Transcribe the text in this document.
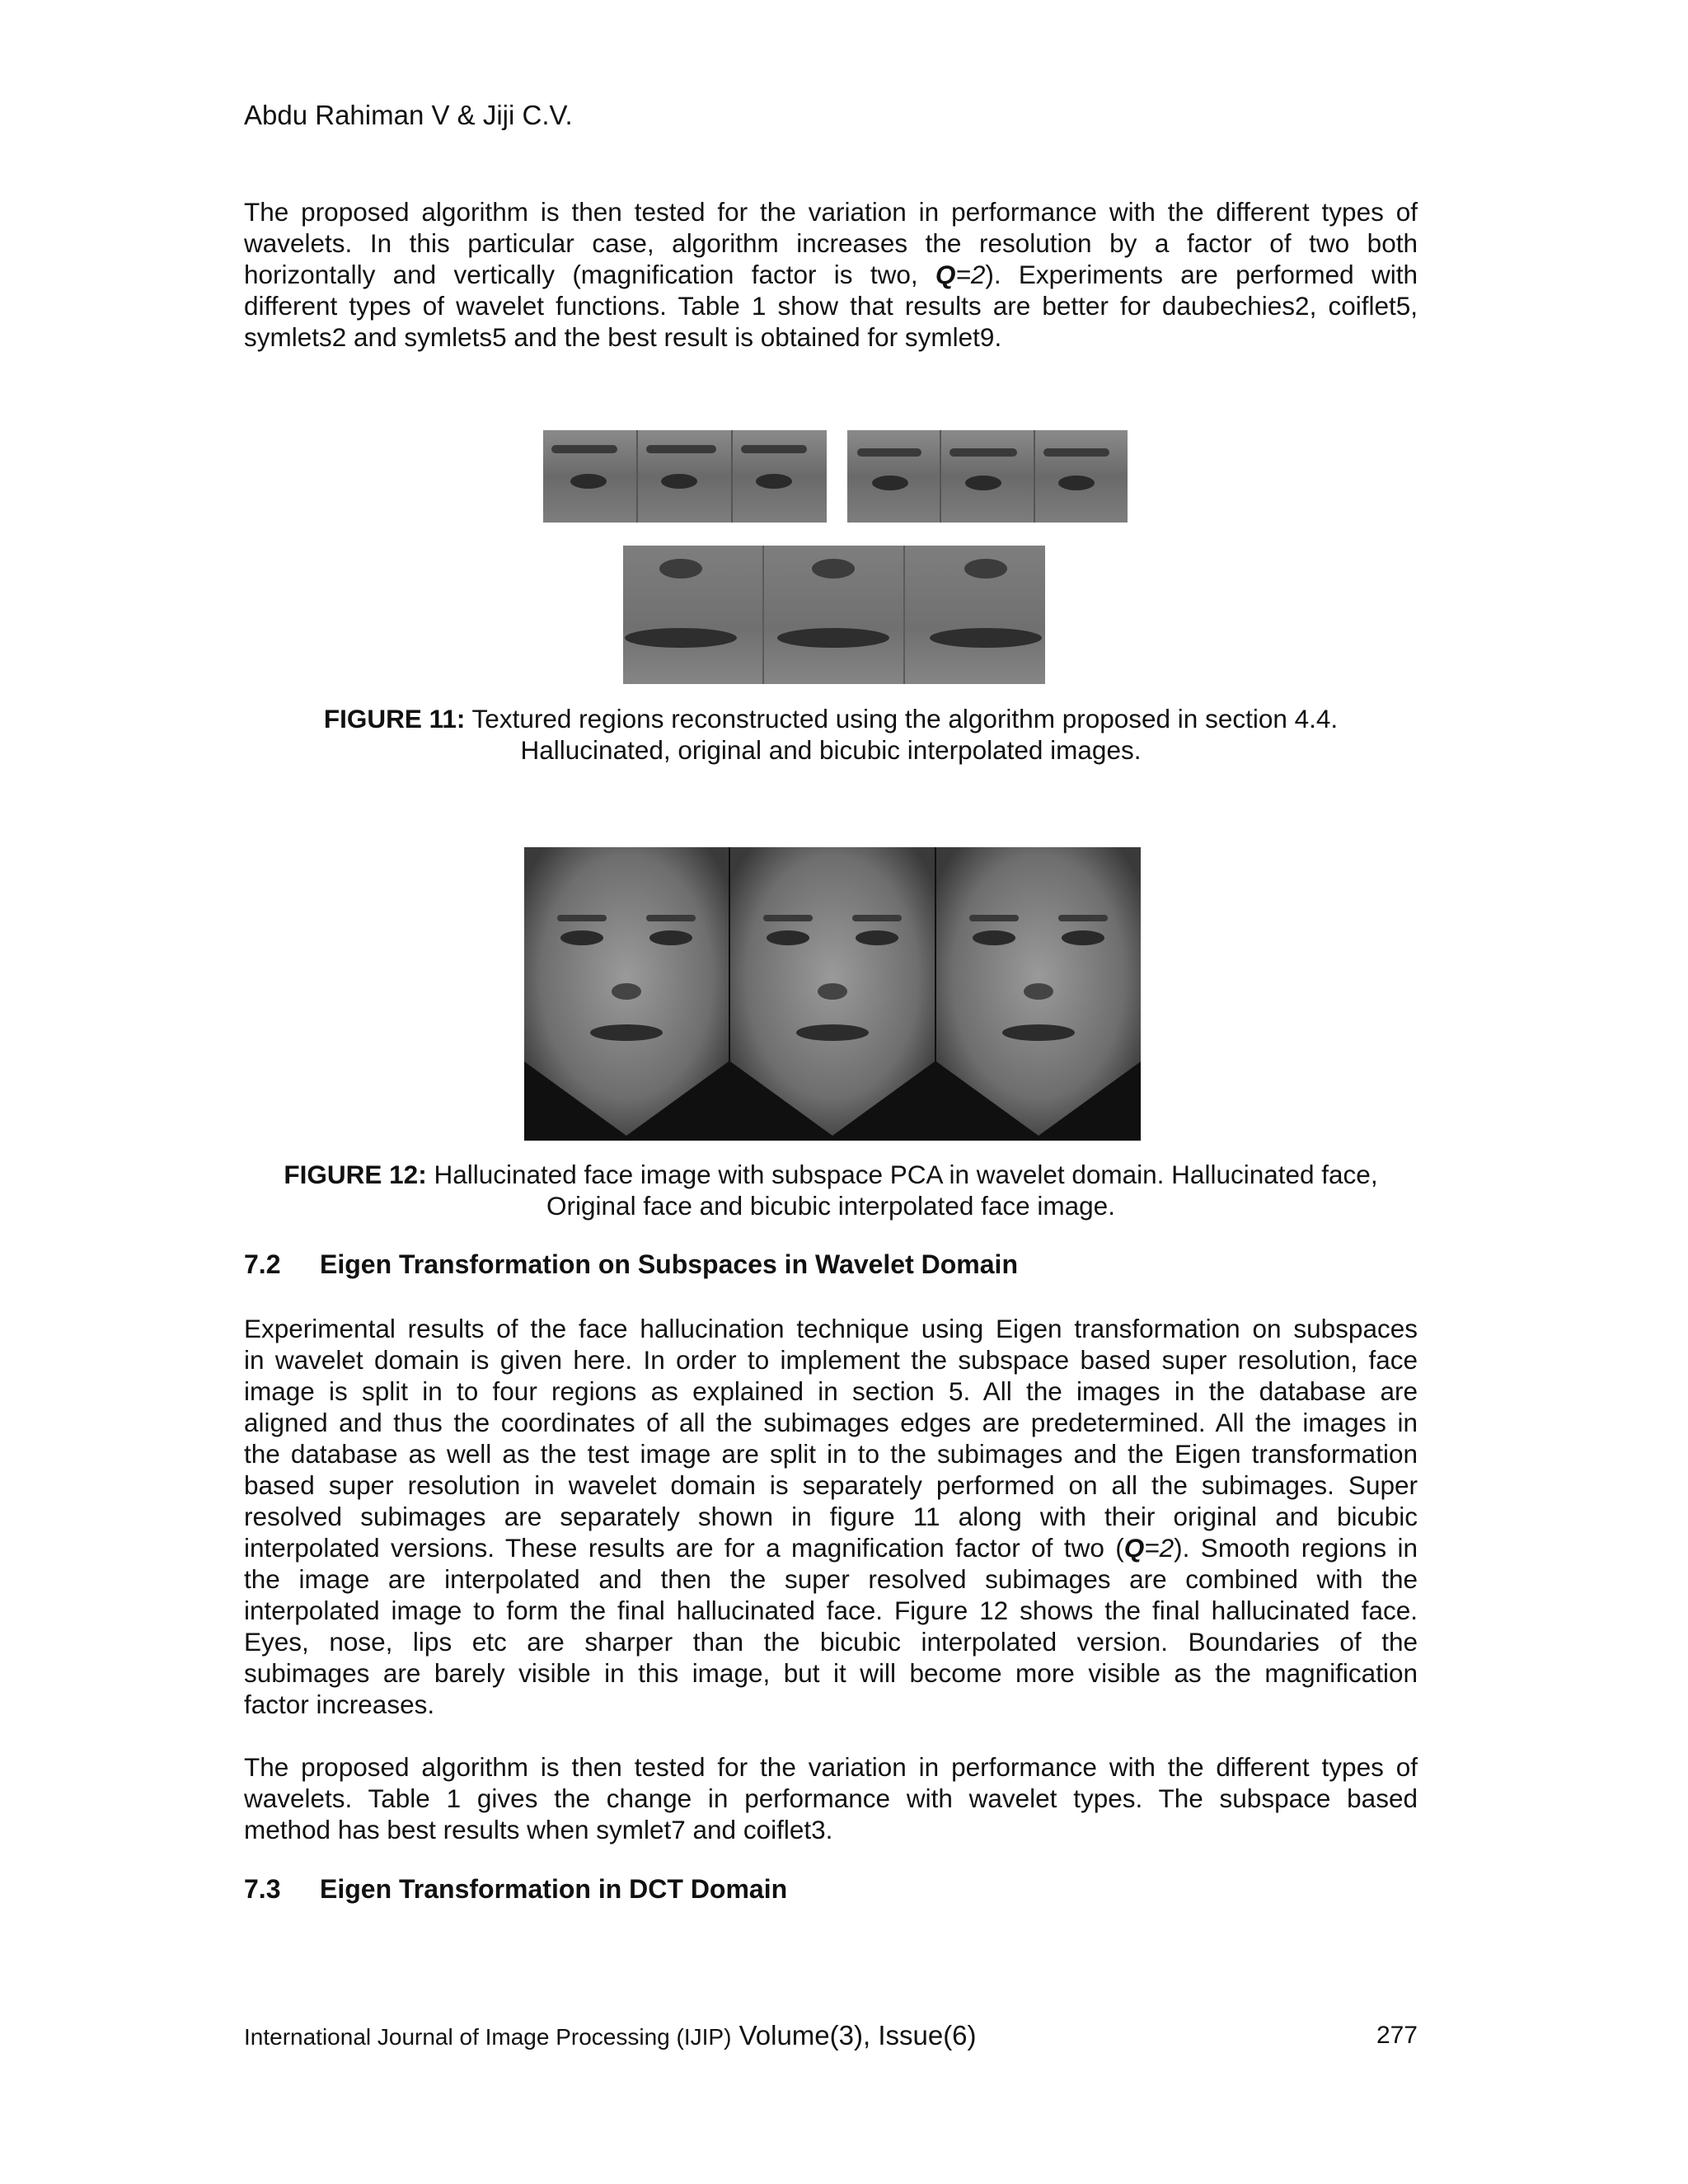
Abdu Rahiman V & Jiji C.V.

The proposed algorithm is then tested for the variation in performance with the different types of
wavelets. In this particular case, algorithm increases the resolution by a factor of two both
horizontally and vertically (magnification factor is two, Q=2). Experiments are performed with
different types of wavelet functions. Table 1 show that results are better for daubechies2, coiflet5,
symlets2 and symlets5 and the best result is obtained for symlet9.

FIGURE 11: Textured regions reconstructed using the algorithm proposed in section 4.4.
Hallucinated, original and bicubic interpolated images.

FIGURE 12: Hallucinated face image with subspace PCA in wavelet domain. Hallucinated face,
Original face and bicubic interpolated face image.

7.2 Eigen Transformation on Subspaces in Wavelet Domain

Experimental results of the face hallucination technique using Eigen transformation on subspaces
in wavelet domain is given here. In order to implement the subspace based super resolution, face
image is split in to four regions as explained in section 5. All the images in the database are
aligned and thus the coordinates of all the subimages edges are predetermined. All the images in
the database as well as the test image are split in to the subimages and the Eigen transformation
based super resolution in wavelet domain is separately performed on all the subimages. Super
resolved subimages are separately shown in figure 11 along with their original and bicubic
interpolated versions. These results are for a magnification factor of two (Q=2). Smooth regions in
the image are interpolated and then the super resolved subimages are combined with the
interpolated image to form the final hallucinated face. Figure 12 shows the final hallucinated face.
Eyes, nose, lips etc are sharper than the bicubic interpolated version. Boundaries of the
subimages are barely visible in this image, but it will become more visible as the magnification
factor increases.

The proposed algorithm is then tested for the variation in performance with the different types of
wavelets. Table 1 gives the change in performance with wavelet types. The subspace based
method has best results when symlet7 and coiflet3.

7.3 Eigen Transformation in DCT Domain
International Journal of Image Processing (IJIP) Volume(3), Issue(6)	277
